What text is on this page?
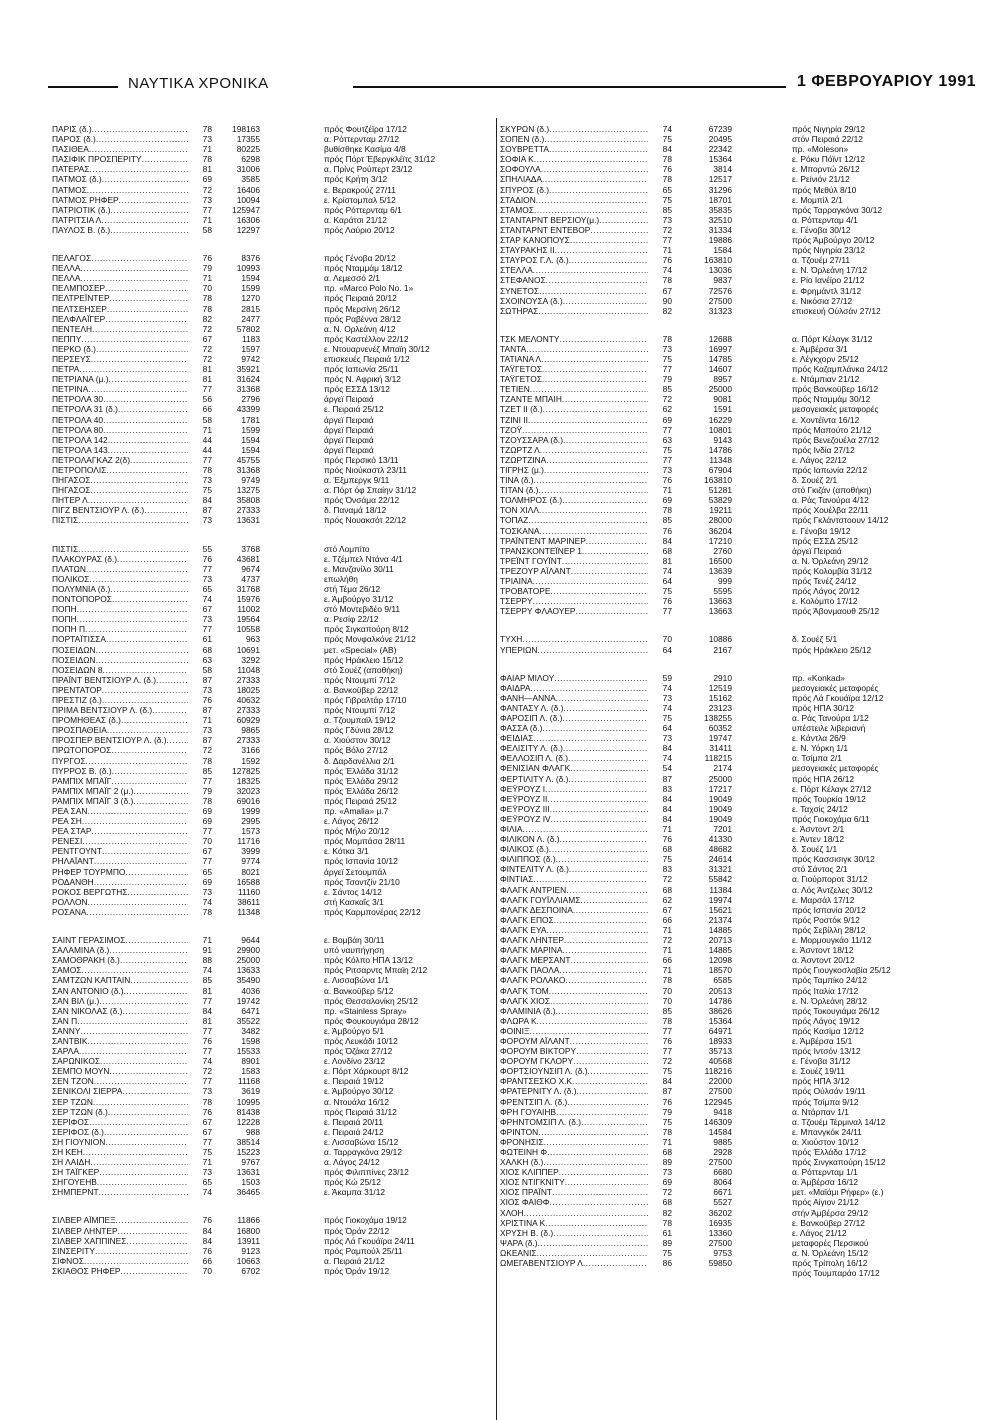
ΝΑΥΤΙΚΑ ΧΡΟΝΙΚΑ	1 ΦΕΒΡΟΥΑΡΙΟΥ 1991
ΠΑΡΙΣ (δ.) .....	78	198163	πρός Φουτζέϊρα 17/12
ΠΑΡΟΣ (δ.) .....	73	17355	α. Ρόττερνταμ 27/12
ΠΑΣΙΘΕΑ .....	71	80225	βυθίσθηκε Κασίμα 4/8
ΠΑΣΙΦΙΚ ΠΡΟΣΠΕΡΙΤΥ .....	78	6298	πρός Πόρτ Έβεργκλέϊτς 31/12
ΠΑΤΕΡΑΣ .....	81	31006	α. Πρίνς Ρούπερτ 23/12
ΠΑΤΜΟΣ (δ.) .....	69	3585	πρός Κρήτη 3/12
ΠΑΤΜΟΣ .....	72	16406	ε. Βερακρούζ 27/11
ΠΑΤΜΟΣ ΡΗΦΕΡ .....	73	10094	ε. Κρίστομπαλ 5/12
ΠΑΤΡΙΟΤΙΚ (δ.) .....	77	125947	πρός Ρόττερνταμ 6/1
ΠΑΤΡΙΤΣΙΑ Λ .....	71	16306	α. Καράτσι 21/12
ΠΑΥΛΟΣ Β. (δ.) .....	58	12297	πρός Λαύριο 20/12
ΠΕΛΑΓΟΣ .....	76	8376	πρός Γένοβα 20/12
ΠΕΛΛΑ .....	79	10993	πρός Νταμμάμ 18/12
ΠΕΛΛΑ .....	71	1594	α. Λεμεσσό 2/1
ΠΕΛΜΠΟΣΕΡ .....	70	1599	πρ. «Marco Polo No. 1»
ΠΕΛΤΡΕΪΝΤΕΡ .....	78	1270	πρός Πειραιά 20/12
ΠΕΛΤΣΕΗΣΕΡ .....	78	2815	πρός Μερσίνη 26/12
ΠΕΛΦΛΑΪΓΕΡ .....	82	2477	πρός Ραβέννα 28/12
ΠΕΝΤΕΛΗ .....	72	57802	α. Ν. Ορλεάνη 4/12
ΠΕΠΠΥ .....	67	1183	πρός Καστέλλον 22/12
ΠΕΡΚΟ (δ.) .....	72	1597	ε. Ντουαρνενέζ Μπαϊη 30/12
ΠΕΡΣΕΥΣ .....	72	9742	επισκευές Πειραιά 1/12
ΠΕΤΡΑ .....	81	35921	πρός Ιαπωνία 25/11
ΠΕΤΡΙΑΝΑ (μ.) .....	81	31624	πρός Ν. Αφρική 3/12
ΠΕΤΡΙΝΑ .....	77	31368	πρός ΕΣΣΔ 13/12
ΠΕΤΡΟΛΑ 30 .....	56	2796	άργεϊ Πειραιά
ΠΕΤΡΟΛΑ 31 (δ.) .....	66	43399	ε. Πειραιά 25/12
ΠΕΤΡΟΛΑ 40 .....	58	1781	άργεϊ Πειραιά
ΠΕΤΡΟΛΑ 80 .....	71	1599	άργεϊ Πειραιά
ΠΕΤΡΟΛΑ 142 .....	44	1594	άργεϊ Πειραιά
ΠΕΤΡΟΛΑ 143 .....	44	1594	άργεϊ Πειραιά
ΠΕΤΡΟΛΑΓΚΑΖ 2(δ) .....	77	45755	πρός Περσικό 13/11
ΠΕΤΡΟΠΟΛΙΣ .....	78	31368	πρός Νιούκαστλ 23/11
ΠΗΓΑΣΟΣ .....	73	9749	α. Έξμπεργκ 9/11
ΠΗΓΑΣΟΣ .....	75	13275	α. Πόρτ όφ Σπαίην 31/12
ΠΗΤΕΡ Λ .....	84	35808	πρός Όνσάμα 22/12
ΠΙΓΖ ΒΕΝΤΣΙΟΥΡ Λ. (δ.) .....	87	27333	δ. Παναμά 18/12
ΠΙΣΤΙΣ .....	73	13631	πρός Νουακσότ 22/12
ΠΙΣΤΙΣ .....	55	3768	στό Λομπίτο
ΠΛΑΚΟΥΡΑΣ (δ.) .....	76	43681	ε. Τζέμπελ Ντάνα 4/1
ΠΛΑΤΩΝ .....	77	9674	ε. Μανζανίλο 30/11
ΠΟΛΙΚΟΣ .....	73	4737	επωλήθη
ΠΟΛΥΜΝΙΑ (δ.) .....	65	31768	στή Τέμα 26/12
ΠΟΝΤΟΠΟΡΟΣ .....	74	15976	ε. Άμβούργο 31/12
ΠΟΠΗ .....	67	11002	στό Μοντεβιδέο 9/11
ΠΟΠΗ .....	73	19564	α. Ρεσίφ 22/12
ΠΟΠΗ Π .....	77	10558	πρός Σιγκαπούρη 8/12
ΠΟΡΤΑΪΤΙΣΣΑ .....	61	963	πρός Μονφαλκόνε 21/12
ΠΟΣΕΙΔΩΝ .....	68	10691	μετ. «Special» (ΑΒ)
ΠΟΣΕΙΔΩΝ .....	63	3292	πρός Ηράκλειο 15/12
ΠΟΣΕΙΔΩΝ 8 .....	58	11048	στό Σουέζ (αποθήκη)
ΠΡΑΪΝΤ ΒΕΝΤΣΙΟΥΡ Λ. (δ.) .....	87	27333	πρός Ντουμπί 7/12
ΠΡΕΝΤΑΤΟΡ .....	73	18025	α. Βανκοϋβερ 22/12
ΠΡΕΣΤΙΖ (δ.) .....	76	40632	πρός Γιβραλτάρ 17/10
ΠΡΙΜΑ ΒΕΝΤΣΙΟΥΡ Λ. (δ.) .....	87	27333	πρός Ντουμπί 7/12
ΠΡΟΜΗΘΕΑΣ (δ.) .....	71	60929	α. Τζουμπαϊλ 19/12
ΠΡΟΣΠΑΘΕΙΑ .....	73	9865	πρός Γδύνια 28/12
ΠΡΟΣΠΕΡ ΒΕΝΤΣΙΟΥΡ Λ. (δ.) .....	87	27333	α. Χιούστον 30/12
ΠΡΩΤΟΠΟΡΟΣ .....	72	3166	πρός Βόλο 27/12
ΠΥΡΓΟΣ .....	78	1592	δ. Δαρδανέλλια 2/1
ΠΥΡΡΟΣ Β. (δ.) .....	85	127825	πρός Έλλάδα 31/12
ΡΑΜΠΙΧ ΜΠΑΪΓ .....	77	18325	πρός Έλλάδα 29/12
ΡΑΜΠΙΧ ΜΠΑΪΓ 2 (μ.) .....	79	32023	πρός Έλλάδα 26/12
ΡΑΜΠΙΧ ΜΠΑΪΓ 3 (δ.) .....	78	69016	πρός Πειραιά 25/12
ΡΕΑ ΣΑΝ .....	69	1999	πρ. «Amalia» μ.7
ΡΕΑ ΣΗ .....	69	2995	ε. Λάγος 26/12
ΡΕΑ ΣΤΑΡ .....	77	1573	πρός Μήλο 20/12
ΡΕΝΕΣΙ .....	70	11716	πρός Μομπάσα 28/11
ΡΕΝΤΓΟΥΝΤ .....	67	3999	ε. Κότκα 3/1
ΡΗΛΑΪΑΝΤ .....	77	9774	πρός Ισπανία 10/12
ΡΗΦΕΡ ΤΟΥΡΜΠΟ .....	65	8021	άργεϊ Σετουμπάλ
ΡΟΔΑΝΘΗ .....	69	16588	πρός Τσοντζίν 21/10
ΡΟΚΟΣ ΒΕΡΓΩΤΗΣ .....	73	11160	ε. Σάντος 14/12
ΡΟΛΛΟΝ .....	74	38611	στή Κασκαΐς 3/1
ΡΟΣΑΝΑ .....	78	11348	πρός Καρμπονέρας 22/12
ΣΑΙΝΤ ΓΕΡΑΣΙΜΟΣ .....	71	9644	ε. Βομβάη 30/11
ΣΑΛΑΜΙΝΑ (δ.) .....	91	29900	υπό ναυπήγηση
ΣΑΜΟΘΡΑΚΗ (δ.) .....	88	25000	πρός Κόλπο ΗΠΑ 13/12
ΣΑΜΟΣ .....	74	13633	πρός Ριτσαρντς Μπαϊη 2/12
ΣΑΜΤΖΩΝ ΚΑΠΤΑΙΝ .....	85	35490	ε. Λισσαβώνα 1/1
ΣΑΝ ΑΝΤΟΝΙΟ (δ.) .....	81	4036	α. Βανκοϋβερ 5/12
ΣΑΝ ΒΙΛ (μ.) .....	77	19742	πρός Θεσσαλονίκη 25/12
ΣΑΝ ΝΙΚΟΛΑΣ (δ.) .....	84	6471	πρ. «Stainless Spray»
ΣΑΝ Π .....	81	35522	πρός Φουκουγιάμα 28/12
ΣΑΝΝΥ .....	77	3482	ε. Άμβούργο 5/1
ΣΑΝΤΒΙΚ .....	76	1598	πρός Λευκάδι 10/12
ΣΑΡΛΑ .....	77	15533	πρός Όζάκα 27/12
ΣΑΡΩΝΙΚΟΣ .....	74	8901	ε. Λονδίνο 23/12
ΣΕΜΠΟ ΜΟΥΝ .....	72	1583	ε. Πόρτ Χάρκουρτ 8/12
ΣΕΝ ΤΖΟΝ .....	77	11168	ε. Πειραιά 19/12
ΣΕΝΙΚΟΛΙ ΣΙΕΡΡΑ .....	73	3619	ε. Άμβούργο 30/12
ΣΕΡ ΤΖΩΝ .....	78	10995	α. Ντουάλα 16/12
ΣΕΡ ΤΖΩΝ (δ.) .....	76	81438	πρός Πειραιά 31/12
ΣΕΡΙΦΟΣ .....	67	12228	ε. Πειραιά 20/11
ΣΕΡΙΦΟΣ (δ.) .....	67	988	ε. Πειραιά 24/12
ΣΗ ΓΙΟΥΝΙΟΝ .....	77	38514	ε. Λισσαβώνα 15/12
ΣΗ ΚΕΗ .....	75	15223	α. Ταρραγκόνα 29/12
ΣΗ ΛΑΙΔΗ .....	71	9767	α. Λάγος 24/12
ΣΗ ΤΑΪΓΚΕΡ .....	73	13631	πρός Φιλιππίνες 23/12
ΣΗΓΟΥΕΗΒ .....	65	1503	πρός Κώ 25/12
ΣΗΜΠΕΡΝΤ .....	74	36465	ε. Άκαμπα 31/12
ΣΙΛΒΕΡ ΑΪΜΠΕΞ .....	76	11866	πρός Γιοκοχάμα 19/12
ΣΙΛΒΕΡ ΛΗΝΤΕΡ .....	84	16800	πρός Όράν 22/12
ΣΙΛΒΕΡ ΧΑΠΠΙΝΕΣ .....	84	13911	πρός Λά Γκουάϊρα 24/11
ΣΙΝΣΕΡΙΤΥ .....	76	9123	πρός Ραμπούλ 25/11
ΣΙΦΝΟΣ .....	66	10663	α. Πειραιά 21/12
ΣΚΙΑΘΟΣ ΡΗΦΕΡ .....	70	6702	πρός Όράν 19/12
ΣΚΥΡΩΝ (δ.) .....	74	67239	πρός Νιγηρία 29/12
ΣΟΠΕΝ (δ.) .....	75	20495	στόν Πειραιά 22/12
ΣΟΥΒΡΕΤΤΑ .....	84	22342	πρ. «Moleson»
ΣΟΦΙΑ Κ .....	78	15364	ε. Ρόκυ Πόϊντ 12/12
ΣΟΦΟΥΛΑ .....	76	3814	ε. Μπορντώ 26/12
ΣΠΗΛΙΑΔΑ .....	78	12517	ε. Ρείνιόν 21/12
ΣΠΥΡΟΣ (δ.) .....	65	31296	πρός Μεθύλ 8/10
ΣΤΑΔΙΟΝ .....	75	18701	ε. Μομπίλ 2/1
ΣΤΑΜΟΣ .....	85	35835	πρός Ταρραγκόνα 30/12
ΣΤΑΝΤΑΡΝΤ ΒΕΡΣΙΟΥ(μ.) .....	73	32510	α. Ρόττερνταμ 4/1
ΣΤΑΝΤΑΡΝΤ ΕΝΤΕΒΟΡ .....	72	31334	ε. Γένοβα 30/12
ΣΤΑΡ ΚΑΝΟΠΟΥΣ .....	77	19886	πρός Άμβούργο 20/12
ΣΤΑΥΡΑΚΗΣ ΙΙ .....	71	1584	πρός Νιγηρία 23/12
ΣΤΑΥΡΟΣ Γ.Λ. (δ.) .....	76	163810	α. Τζουέμ 27/11
ΣΤΕΛΛΑ .....	74	13036	ε. Ν. Όρλεάνη 17/12
ΣΤΕΦΑΝΟΣ .....	78	9837	ε. Ρίο Ιανέϊρο 21/12
ΣΥΝΕΤΟΣ .....	67	72576	ε. Φρημάντλ 31/12
ΣΧΟΙΝΟΥΣΑ (δ.) .....	90	27500	ε. Νικόσια 27/12
ΣΩΤΗΡΑΣ .....	82	31323	επισκευή Ούλσάν 27/12
ΤΣΚ ΜΕΛΟΝΤΥ .....	78	12688	α. Πόρτ Κέλαγκ 31/12
ΤΑΝΤΑ .....	73	16997	ε. Άμβέρσα 3/1
ΤΑΤΙΑΝΑ Λ .....	75	14785	ε. Λέγκχορν 25/12
ΤΑΫΓΕΤΟΣ .....	77	14607	πρός Καζαμπλάνκα 24/12
ΤΑΫΓΕΤΟΣ .....	79	8957	ε. Ντάμπιαν 21/12
ΤΕΤΙΕΝ .....	85	25000	πρός Βανκοϋβερ 16/12
ΤΖΑΝΤΕ ΜΠΑΙΗ .....	72	9081	πρός Νταμμάμ 30/12
ΤΖΕΤ ΙΙ (δ.) .....	62	1591	μεσογειακές μεταφορές
ΤΖΙΝΙ ΙΙ .....	69	16229	ε. Χοντέϊντα 16/12
ΤΖΟΫ .....	77	10801	πρός Μαπούτο 21/12
ΤΖΟΥΣΣΑΡΑ (δ.) .....	63	9143	πρός Βενεζουέλα 27/12
ΤΖΩΡΤΖ Λ .....	75	14786	πρός Ινδία 27/12
ΤΖΩΡΤΖΙΝΑ .....	77	11348	ε. Λάγος 22/12
ΤΙΓΡΗΣ (μ.) .....	73	67904	πρός Ιαπωνία 22/12
ΤΙΝΑ (δ.) .....	76	163810	δ. Σουέζ 2/1
ΤΙΤΑΝ (δ.) .....	71	51281	στό Γκιζάν (αποθήκη)
ΤΟΛΜΗΡΟΣ (δ.) .....	69	53829	α. Ράς Τανούρα 4/12
ΤΟΝ ΧΙΛΛ .....	78	19211	πρός Χουέλβα 22/11
ΤΟΠΑΖ .....	85	28000	πρός Γκλάντστοουν 14/12
ΤΟΣΚΑΝΑ .....	76	36204	ε. Γένοβα 19/12
ΤΡΑΪΝΤΕΝΤ ΜΑΡΙΝΕΡ .....	84	17210	πρός ΕΣΣΔ 25/12
ΤΡΑΝΣΚΟΝΤΕΪΝΕΡ 1 .....	68	2760	άργεϊ Πειραιά
ΤΡΕΪΝΤ ΓΟΥΪΝΤ .....	81	16500	α. Ν. Όρλεάνη 29/12
ΤΡΕΖΟΥΡ ΑΪΛΑΝΤ .....	74	13639	πρός Κολομβία 31/12
ΤΡΙΑΙΝΑ .....	64	999	πρός Τενέζ 24/12
ΤΡΟΒΑΤΟΡΕ .....	75	5595	πρός Λάγος 20/12
ΤΣΕΡΡΥ .....	76	13663	ε. Κολόμπο 17/12
ΤΣΕΡΡΥ ΦΛΑΟΥΕΡ .....	77	13663	πρός Άβονμαουθ 25/12
ΤΥΧΗ .....	70	10886	δ. Σουέζ 5/1
ΥΠΕΡΙΩΝ .....	64	2167	πρός Ηράκλειο 25/12
ΦΑΙΑΡ ΜΙΛΟΥ .....	59	2910	πρ. «Konkad»
ΦΑΙΔΡΑ .....	74	12519	μεσογειακές μεταφορές
ΦΑΝΗ—ΑΝΝΑ .....	73	15162	πρός Λά Γκουάϊρα 12/12
ΦΑΝΤΑΣΥ Λ. (δ.) .....	74	23123	πρός ΗΠΑ 30/12
ΦΑΡΟΣΙΠ Λ. (δ.) .....	75	138255	α. Ράς Τανούρα 1/12
ΦΑΣΣΑ (δ.) .....	64	60352	υπέστειλε λιβεριανή
ΦΕΙΔΙΑΣ .....	73	19747	ε. Κάντλα 26/9
ΦΕΛΙΣΙΤΥ Λ. (δ.) .....	84	31411	ε. Ν. Υόρκη 1/1
ΦΕΛΛΟΣΙΠ Λ. (δ.) .....	74	118215	α. Τσίμπα 2/1
ΦΕΝΙΣΙΑΝ ΦΛΑΓΚ .....	54	2174	μεσογειακές μεταφορές
ΦΕΡΤΙΛΙΤΥ Λ. (δ.) .....	87	25000	πρός ΗΠΑ 26/12
ΦΕΫΡΟΥΖ Ι .....	83	17217	ε. Πόρτ Κέλαγκ 27/12
ΦΕΫΡΟΥΖ ΙΙ .....	84	19049	πρός Τουρκία 19/12
ΦΕΫΡΟΥΖ ΙΙΙ .....	84	19049	ε. Ταχσίς 24/12
ΦΕΫΡΟΥΖ ΙV .....	84	19049	πρός Γιοκοχάμα 6/11
ΦΙΛΙΑ .....	71	7201	ε. Άσντοντ 2/1
ΦΙΛΙΚΟΝ Λ. (δ.) .....	76	41330	ε. Άντεν 18/12
ΦΙΛΙΚΟΣ (δ.) .....	68	48682	δ. Σουέζ 1/1
ΦΙΛΙΠΠΟΣ (δ.) .....	75	24614	πρός Κασσισιγκ 30/12
ΦΙΝΤΕΛΙΤΥ Λ. (δ.) .....	83	31321	στό Σάντος 2/1
ΦΙΝΤΙΑΣ .....	72	55842	α. Γιούρποροτ 31/12
ΦΛΑΓΚ ΑΝΤΡΙΕΝ .....	68	11384	α. Λός Άντζελες 30/12
ΦΛΑΓΚ ΓΟΥΪΛΛΙΑΜΣ .....	62	19974	ε. Μαρσάλ 17/12
ΦΛΑΓΚ ΔΕΣΠΟΙΝΑ .....	67	15621	πρός Ισπανία 20/12
ΦΛΑΓΚ ΕΠΟΣ .....	66	21374	πρός Ροστόκ 9/12
ΦΛΑΓΚ ΕΥΑ .....	71	14885	πρός Σεβίλλη 28/12
ΦΛΑΓΚ ΛΗΝΤΕΡ .....	72	20713	ε. Μορμουγκάο 11/12
ΦΛΑΓΚ ΜΑΡΙΝΑ .....	71	14885	ε. Άσντοντ 18/12
ΦΛΑΓΚ ΜΕΡΣΑΝΤ .....	66	12098	α. Άσντοντ 20/12
ΦΛΑΓΚ ΠΑΟΛΑ .....	71	18570	πρός Γιουγκοσλαβία 25/12
ΦΛΑΓΚ ΡΟΛΑΚΟ .....	78	6585	πρός Ταμπίκο 24/12
ΦΛΑΓΚ ΤΟΜ .....	70	20513	πρός Ιταλία 17/12
ΦΛΑΓΚ ΧΙΟΣ .....	70	14786	ε. Ν. Όρλεάνη 28/12
ΦΛΑΜΙΝΙΑ (δ.) .....	85	38626	πρός Τοκουγιάμα 26/12
ΦΛΩΡΑ Κ .....	78	15364	πρός Λάγος 19/12
ΦΟΙΝΙΞ .....	77	64971	πρός Κασίμα 12/12
ΦΟΡΟΥΜ ΑΪΛΑΝΤ .....	76	18933	ε. Άμβέρσα 15/1
ΦΟΡΟΥΜ ΒΙΚΤΟΡΥ .....	77	35713	πρός Ιντσόν 13/12
ΦΟΡΟΥΜ ΓΚΛΟΡΥ .....	72	40568	ε. Γένοβα 31/12
ΦΟΡΤΣΙΟΥΝΣΙΠ Λ. (δ.) .....	75	118216	ε. Σουέζ 19/11
ΦΡΑΝΤΣΕΣΚΟ Χ.Κ .....	84	22000	πρός ΗΠΑ 3/12
ΦΡΑΤΕΡΝΙΤΥ Λ. (δ.) .....	87	27500	πρός Ούλσάν 19/11
ΦΡΕΝΤΣΙΠ Λ. (δ.) .....	76	122945	πρός Τσίμπα 9/12
ΦΡΗ ΓΟΥΑΙΗΒ .....	79	9418	α. Ντάρπαν 1/1
ΦΡΗΝΤΟΜΣΙΠ Λ. (δ.) .....	75	146309	α. Τζουέμ Τέρμιναλ 14/12
ΦΡΙΝΤΟΝ .....	78	14584	ε. Μπανγκόκ 24/11
ΦΡΟΝΗΣΙΣ .....	71	9885	α. Χιούστον 10/12
ΦΩΤΕΙΝΗ Φ .....	68	2928	πρός Έλλάδα 17/12
ΧΑΛΚΗ (δ.) .....	89	27500	πρός Σινγκαπούρη 15/12
ΧΙΟΣ ΚΛΙΠΠΕΡ .....	73	6680	α. Ρόττερνταμ 1/1
ΧΙΟΣ ΝΤΙΓΚΝΙΤΥ .....	69	8064	α. Άμβέρσα 16/12
ΧΙΟΣ ΠΡΑΪΝΤ .....	72	6671	μετ. «Μαϊάμι Ρήφερ» (ε.)
ΧΙΟΣ ΦΑΙΘΦ .....	68	5527	πρός Αίγιον 21/12
ΧΛΟΗ .....	82	36202	στήν Άμβέρσα 29/12
ΧΡΙΣΤΙΝΑ Κ .....	78	16935	ε. Βανκοϋβερ 27/12
ΧΡΥΣΗ Β. (δ.) .....	61	13360	ε. Λάγος 21/12
ΨΑΡΑ (δ.) .....	89	27500	μεταφορές Περσικού
ΩΚΕΑΝΙΣ .....	75	9753	α. Ν. Όρλεάνη 15/12
ΩΜΕΓΑΒΕΝΤΣΙΟΥΡ Λ .....	86	59850	πρός Τρίπολη 16/12
πρός Τουμπαράο 17/12
